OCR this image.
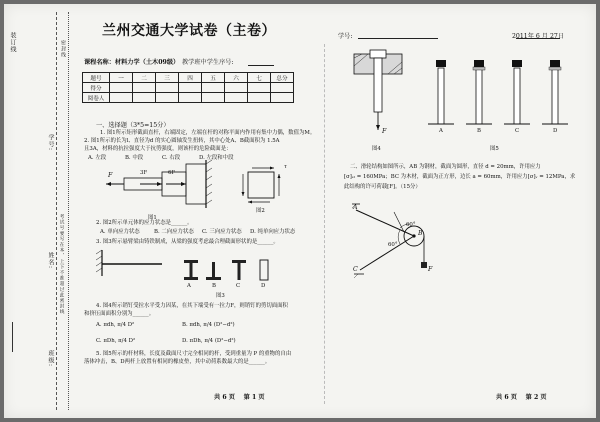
装订线	密封线
学号:
姓名:
班级:
考试号要写在本，上下不准超过此密封线
兰州交通大学试卷（主卷）
课程名称：材料力学（土木09级） 教学班中学生序号:
学号:	2011年 6 月 27日
题号	一	二	三	四	五	六	七	总分
得分								
阅卷人								
一、选择题（3*5=15分）
1. 图1所示矩形截面直杆，右端固定，左端在杆的对称平面内作用有集中力偶，数值为M。
2. 图1所示的长为l、直径为d 的实心圆轴发生扭转，其中心处A、B截面积为 1.5A
且3A，材料的抗拉强度大于抗剪强度，则该杆的危险截面是：
A. 左段           B. 中段           C. 右段           D. 左段和中段
F	3F	6F
图1
τ
图2
2. 图2所示单元体的应力状态是______。
A. 单向应力状态	B. 二向应力状态 C. 三向应力状态 D. 纯单向应力状态
3. 图3所示悬臂梁由铸铁制成，从梁的强度考虑最合理截面形状的是______。
A	B	C	D
图3
4. 图4所示销钉受拉水平受力因某，在其下端受有一拉力F，则销钉的剪切面面积
和挤压面面积分别为______。
A. πdh, π/4 D²	B. πdh, π/4 (D²−d²)
C. πDh, π/4 D²	D. πDh, π/4 (D²−d²)
5. 图5所示的杆材料，长度及截面尺寸完全相同的杆，受到重量为 P 的重物的自由
落体冲击，B、D两杆上放置有相同的橡皮垫，其中动荷系数最大的是______。
共 6 页    第 1 页
F
图4
A	B	C	D
图5
二、滑轮结构如图所示，AB 为钢材，截面为圆形，直径 d = 20mm，许用应力
[σ]ₛₜ = 160MPa；BC 为木材，截面为正方形，边长 a = 60mm，许用应力[σ]ᵥ = 12MPa，求
此结构的许可荷载[F]。（15分）
A
B
C	F
60°
60°
共 6 页    第 2 页
